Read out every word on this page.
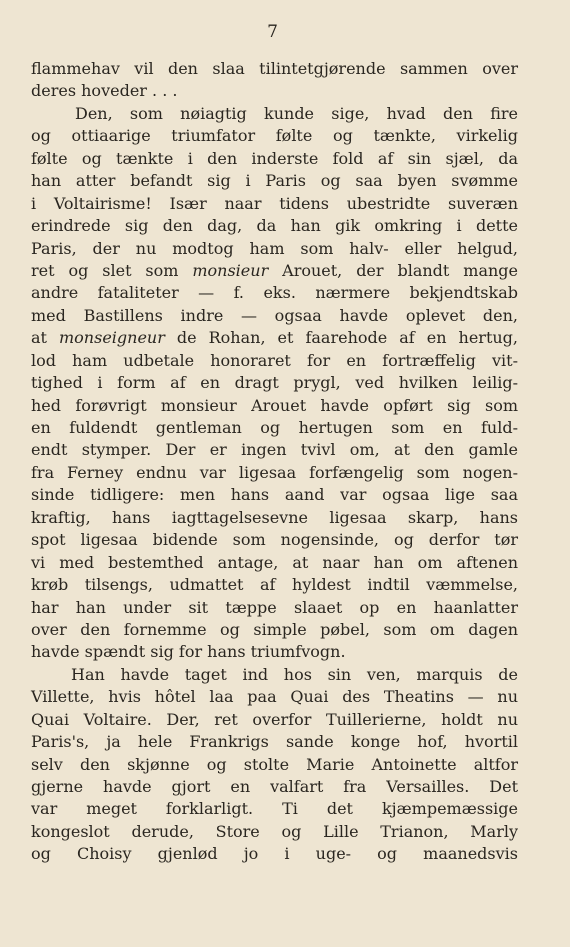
7
flammehav vil den slaa tilintetgjørende sammen over
deres hoveder . . .
Den, som nøiagtig kunde sige, hvad den fire
og ottiaarige triumfator følte og tænkte, virkelig
følte og tænkte i den inderste fold af sin sjæl, da
han atter befandt sig i Paris og saa byen svømme
i Voltairisme! Især naar tidens ubestridte suveræn
erindrede sig den dag, da han gik omkring i dette
Paris, der nu modtog ham som halv- eller helgud,
ret og slet som monsieur Arouet, der blandt mange
andre fataliteter — f. eks. nærmere bekjendtskab
med Bastillens indre — ogsaa havde oplevet den,
at monseigneur de Rohan, et faarehode af en hertug,
lod ham udbetale honoraret for en fortræffelig vit-
tighed i form af en dragt prygl, ved hvilken leilig-
hed forøvrigt monsieur Arouet havde opført sig som
en fuldendt gentleman og hertugen som en fuld-
endt stymper. Der er ingen tvivl om, at den gamle
fra Ferney endnu var ligesaa forfængelig som nogen-
sinde tidligere: men hans aand var ogsaa lige saa
kraftig, hans iagttagelsesevne ligesaa skarp, hans
spot ligesaa bidende som nogensinde, og derfor tør
vi med bestemthed antage, at naar han om aftenen
krøb tilsengs, udmattet af hyldest indtil væmmelse,
har han under sit tæppe slaaet op en haanlatter
over den fornemme og simple pøbel, som om dagen
havde spændt sig for hans triumfvogn.
Han havde taget ind hos sin ven, marquis de
Villette, hvis hôtel laa paa Quai des Theatins — nu
Quai Voltaire. Der, ret overfor Tuillerierne, holdt nu
Paris's, ja hele Frankrigs sande konge hof, hvortil
selv den skjønne og stolte Marie Antoinette altfor
gjerne havde gjort en valfart fra Versailles. Det
var meget forklarligt. Ti det kjæmpemæssige
kongeslot derude, Store og Lille Trianon, Marly
og Choisy gjenlød jo i uge- og maanedsvis
